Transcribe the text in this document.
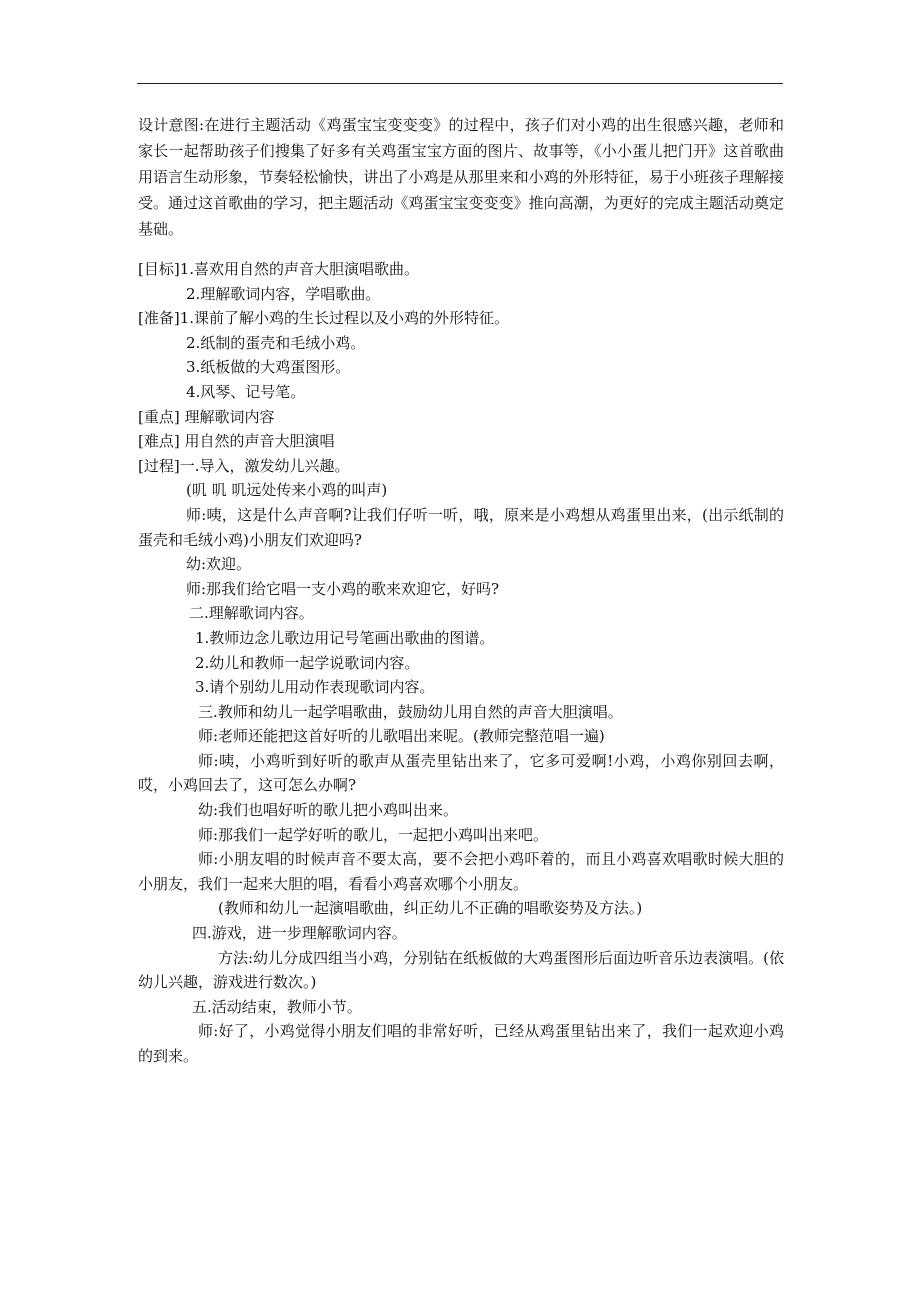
设计意图:在进行主题活动《鸡蛋宝宝变变变》的过程中，孩子们对小鸡的出生很感兴趣，老师和家长一起帮助孩子们搜集了好多有关鸡蛋宝宝方面的图片、故事等，《小小蛋儿把门开》这首歌曲用语言生动形象，节奏轻松愉快，讲出了小鸡是从那里来和小鸡的外形特征，易于小班孩子理解接受。通过这首歌曲的学习，把主题活动《鸡蛋宝宝变变变》推向高潮，为更好的完成主题活动奠定基础。
[目标]1.喜欢用自然的声音大胆演唱歌曲。
2.理解歌词内容，学唱歌曲。
[准备]1.课前了解小鸡的生长过程以及小鸡的外形特征。
2.纸制的蛋壳和毛绒小鸡。
3.纸板做的大鸡蛋图形。
4.风琴、记号笔。
[重点] 理解歌词内容
[难点] 用自然的声音大胆演唱
[过程]一.导入，激发幼儿兴趣。
(叽 叽 叽远处传来小鸡的叫声)
师:咦，这是什么声音啊?让我们仔听一听，哦，原来是小鸡想从鸡蛋里出来，(出示纸制的蛋壳和毛绒小鸡)小朋友们欢迎吗?
幼:欢迎。
师:那我们给它唱一支小鸡的歌来欢迎它，好吗?
二.理解歌词内容。
1.教师边念儿歌边用记号笔画出歌曲的图谱。
2.幼儿和教师一起学说歌词内容。
3.请个别幼儿用动作表现歌词内容。
三.教师和幼儿一起学唱歌曲，鼓励幼儿用自然的声音大胆演唱。
师:老师还能把这首好听的儿歌唱出来呢。(教师完整范唱一遍)
师:咦，小鸡听到好听的歌声从蛋壳里钻出来了，它多可爱啊!小鸡，小鸡你别回去啊，哎，小鸡回去了，这可怎么办啊?
幼:我们也唱好听的歌儿把小鸡叫出来。
师:那我们一起学好听的歌儿，一起把小鸡叫出来吧。
师:小朋友唱的时候声音不要太高，要不会把小鸡吓着的，而且小鸡喜欢唱歌时候大胆的小朋友，我们一起来大胆的唱，看看小鸡喜欢哪个小朋友。
(教师和幼儿一起演唱歌曲，纠正幼儿不正确的唱歌姿势及方法。)
四.游戏，进一步理解歌词内容。
方法:幼儿分成四组当小鸡，分别钻在纸板做的大鸡蛋图形后面边听音乐边表演唱。(依幼儿兴趣，游戏进行数次。)
五.活动结束，教师小节。
师:好了，小鸡觉得小朋友们唱的非常好听，已经从鸡蛋里钻出来了，我们一起欢迎小鸡的到来。
